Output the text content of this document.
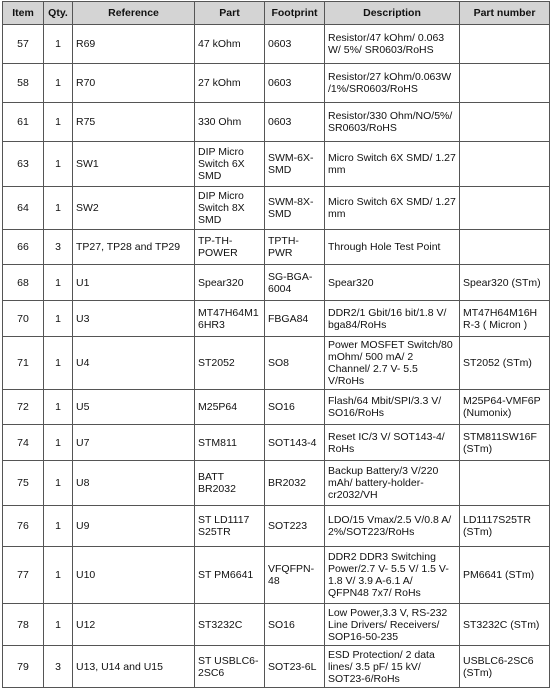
Item	Qty.	Reference	Part	Footprint	Description	Part number
57	1	R69	47 kOhm	0603	Resistor/47 kOhm/ 0.063 W/ 5%/ SR0603/RoHS	
58	1	R70	27 kOhm	0603	Resistor/27 kOhm/0.063W /1%/SR0603/RoHS	
61	1	R75	330 Ohm	0603	Resistor/330 Ohm/NO/5%/ SR0603/RoHS	
63	1	SW1	DIP Micro Switch 6X SMD	SWM-6X-SMD	Micro Switch 6X SMD/ 1.27 mm	
64	1	SW2	DIP Micro Switch 8X SMD	SWM-8X-SMD	Micro Switch 6X SMD/ 1.27 mm	
66	3	TP27, TP28 and TP29	TP-TH-POWER	TPTH-PWR	Through Hole Test Point	
68	1	U1	Spear320	SG-BGA-6004	Spear320	Spear320 (STm)
70	1	U3	MT47H64M1 6HR3	FBGA84	DDR2/1 Gbit/16 bit/1.8 V/ bga84/RoHs	MT47H64M16H R-3 ( Micron )
71	1	U4	ST2052	SO8	Power MOSFET Switch/80 mOhm/ 500 mA/ 2 Channel/ 2.7 V- 5.5 V/RoHs	ST2052 (STm)
72	1	U5	M25P64	SO16	Flash/64 Mbit/SPI/3.3 V/ SO16/RoHs	M25P64-VMF6P (Numonix)
74	1	U7	STM811	SOT143-4	Reset IC/3 V/ SOT143-4/ RoHs	STM811SW16F (STm)
75	1	U8	BATT BR2032	BR2032	Backup Battery/3 V/220 mAh/ battery-holder-cr2032/VH	
76	1	U9	ST LD1117 S25TR	SOT223	LDO/15 Vmax/2.5 V/0.8 A/ 2%/SOT223/RoHs	LD1117S25TR (STm)
77	1	U10	ST PM6641	VFQFPN-48	DDR2 DDR3 Switching Power/2.7 V- 5.5 V/ 1.5 V- 1.8 V/ 3.9 A-6.1 A/ QFPN48 7x7/ RoHs	PM6641 (STm)
78	1	U12	ST3232C	SO16	Low Power,3.3 V, RS-232 Line Drivers/ Receivers/ SOP16-50-235	ST3232C (STm)
79	3	U13, U14 and U15	ST USBLC6-2SC6	SOT23-6L	ESD Protection/ 2 data lines/ 3.5 pF/ 15 kV/ SOT23-6/RoHs	USBLC6-2SC6 (STm)
